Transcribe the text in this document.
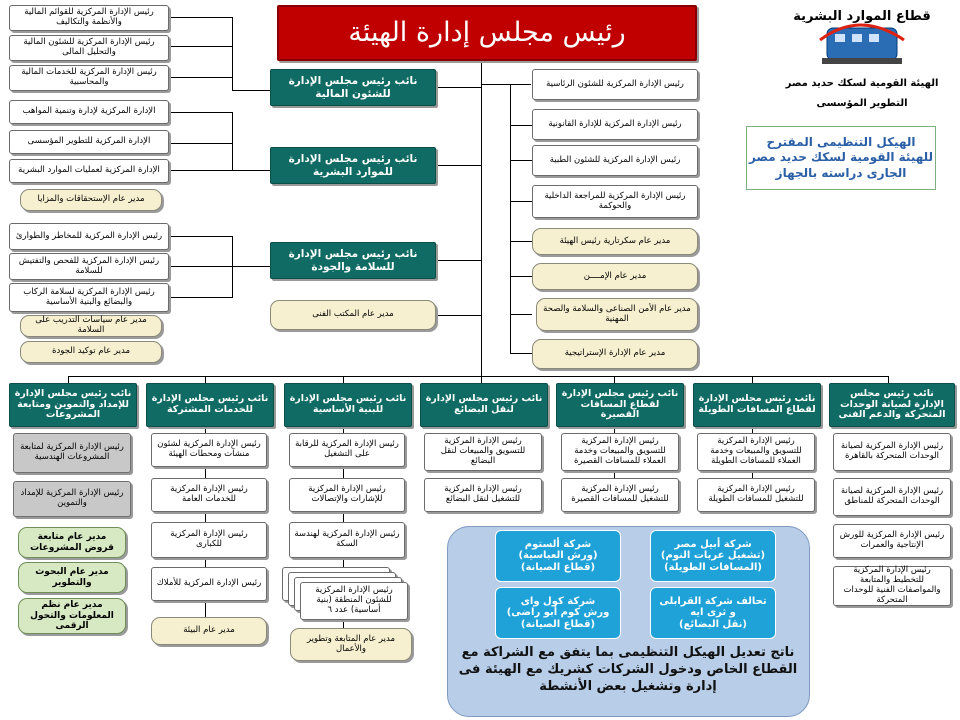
رئيس مجلس إدارة الهيئة
قطاع الموارد البشرية
الهيئة القومية لسكك حديد مصر
التطوير المؤسسى
الهيكل التنظيمى المقترح
للهيئة القومية لسكك حديد مصر
الجارى دراسته بالجهاز
نائب رئيس مجلس الإدارة للشئون المالية
نائب رئيس مجلس الإدارة للموارد البشرية
نائب رئيس مجلس الإدارة للسلامة والجودة
مدير عام المكتب الفنى
رئيس الإدارة المركزية للقوائم المالية والأنظمة والتكاليف
رئيس الإدارة المركزية للشئون المالية والتحليل المالى
رئيس الإدارة المركزية للخدمات المالية والمحاسبية
الإدارة المركزية لإدارة وتنمية المواهب
الإدارة المركزية للتطوير المؤسسى
الإدارة المركزية لعمليات الموارد البشرية
مدير عام الإستحقاقات والمزايا
رئيس الإدارة المركزية للمخاطر والطوارئ
رئيس الإدارة المركزية للفحص والتفتيش للسلامة
رئيس الإدارة المركزية لسلامة الركاب والبضائع والبنية الأساسية
مدير عام سياسات التدريب على السلامة
مدير عام توكيد الجودة
رئيس الإدارة المركزية للشئون الرئاسية
رئيس الإدارة المركزية للإدارة القانونية
رئيس الإدارة المركزية للشئون الطبية
رئيس الإدارة المركزية للمراجعة الداخلية والحوكمة
مدير عام سكرتارية رئيس الهيئة
مدير عام الإمــــن
مدير عام الأمن الصناعى والسلامة والصحة المهنية
مدير عام الإدارة الإستراتيجية
نائب رئيس مجلس الإدارة للإمداد والتموين ومتابعة المشروعات
نائب رئيس مجلس الإدارة للخدمات المشتركة
نائب رئيس مجلس الإدارة للبنية الأساسية
نائب رئيس مجلس الإدارة لنقل البضائع
نائب رئيس مجلس الإدارة لقطاع المسافات القصيرة
نائب رئيس مجلس الإدارة لقطاع المسافات الطويلة
نائب رئيس مجلس الإدارة لصيانة الوحدات المتحركة والدعم الفنى
رئيس الإدارة المركزية لمتابعة المشروعات الهندسية
رئيس الإدارة المركزية للإمداد والتموين
مدير عام متابعة قروض المشروعات
مدير عام البحوث والتطوير
مدير عام نظم المعلومات والتحول الرقمى
رئيس الإدارة المركزية لشئون منشآت ومحطات الهيئة
رئيس الإدارة المركزية للخدمات العامة
رئيس الإدارة المركزية للكبارى
رئيس الإدارة المركزية للأملاك
مدير عام البيئة
رئيس الإدارة المركزية للرقابة على التشغيل
رئيس الإدارة المركزية للإشارات والإتصالات
رئيس الإدارة المركزية لهندسة السكة
رئيس الإدارة المركزية للشئون المنطقة (بنية أساسية) عدد ٦
مدير عام المتابعة وتطوير والأعمال
رئيس الإدارة المركزية للتسويق والمبيعات لنقل البضائع
رئيس الإدارة المركزية للتشغيل لنقل البضائع
رئيس الإدارة المركزية للتسويق والمبيعات وخدمة العملاء للمسافات القصيرة
رئيس الإدارة المركزية للتشغيل للمسافات القصيرة
رئيس الإدارة المركزية للتسويق والمبيعات وخدمة العملاء للمسافات الطويلة
رئيس الإدارة المركزية للتشغيل للمسافات الطويلة
رئيس الإدارة المركزية لصيانة الوحدات المتحركة بالقاهرة
رئيس الإدارة المركزية لصيانة الوحدات المتحركة للمناطق
رئيس الإدارة المركزية للورش الإنتاجية والعمرات
رئيس الإدارة المركزية للتخطيط والمتابعة والمواصفات الفنية للوحدات المتحركة
شركة ألستوم
(ورش العباسية)
(قطاع الصيانة)
شركة أبيل مصر
(تشغيل عربات النوم)
(المسافات الطويلة)
شركة كول واى
ورش كوم أبو راضى)
(قطاع الصيانة)
تحالف شركة القرابلى
و ثرى ايه
(نقل البضائع)
ناتج تعديل الهيكل التنظيمى بما يتفق مع الشراكة مع القطاع الخاص ودخول الشركات كشريك مع الهيئة فى إدارة وتشغيل بعض الأنشطة
